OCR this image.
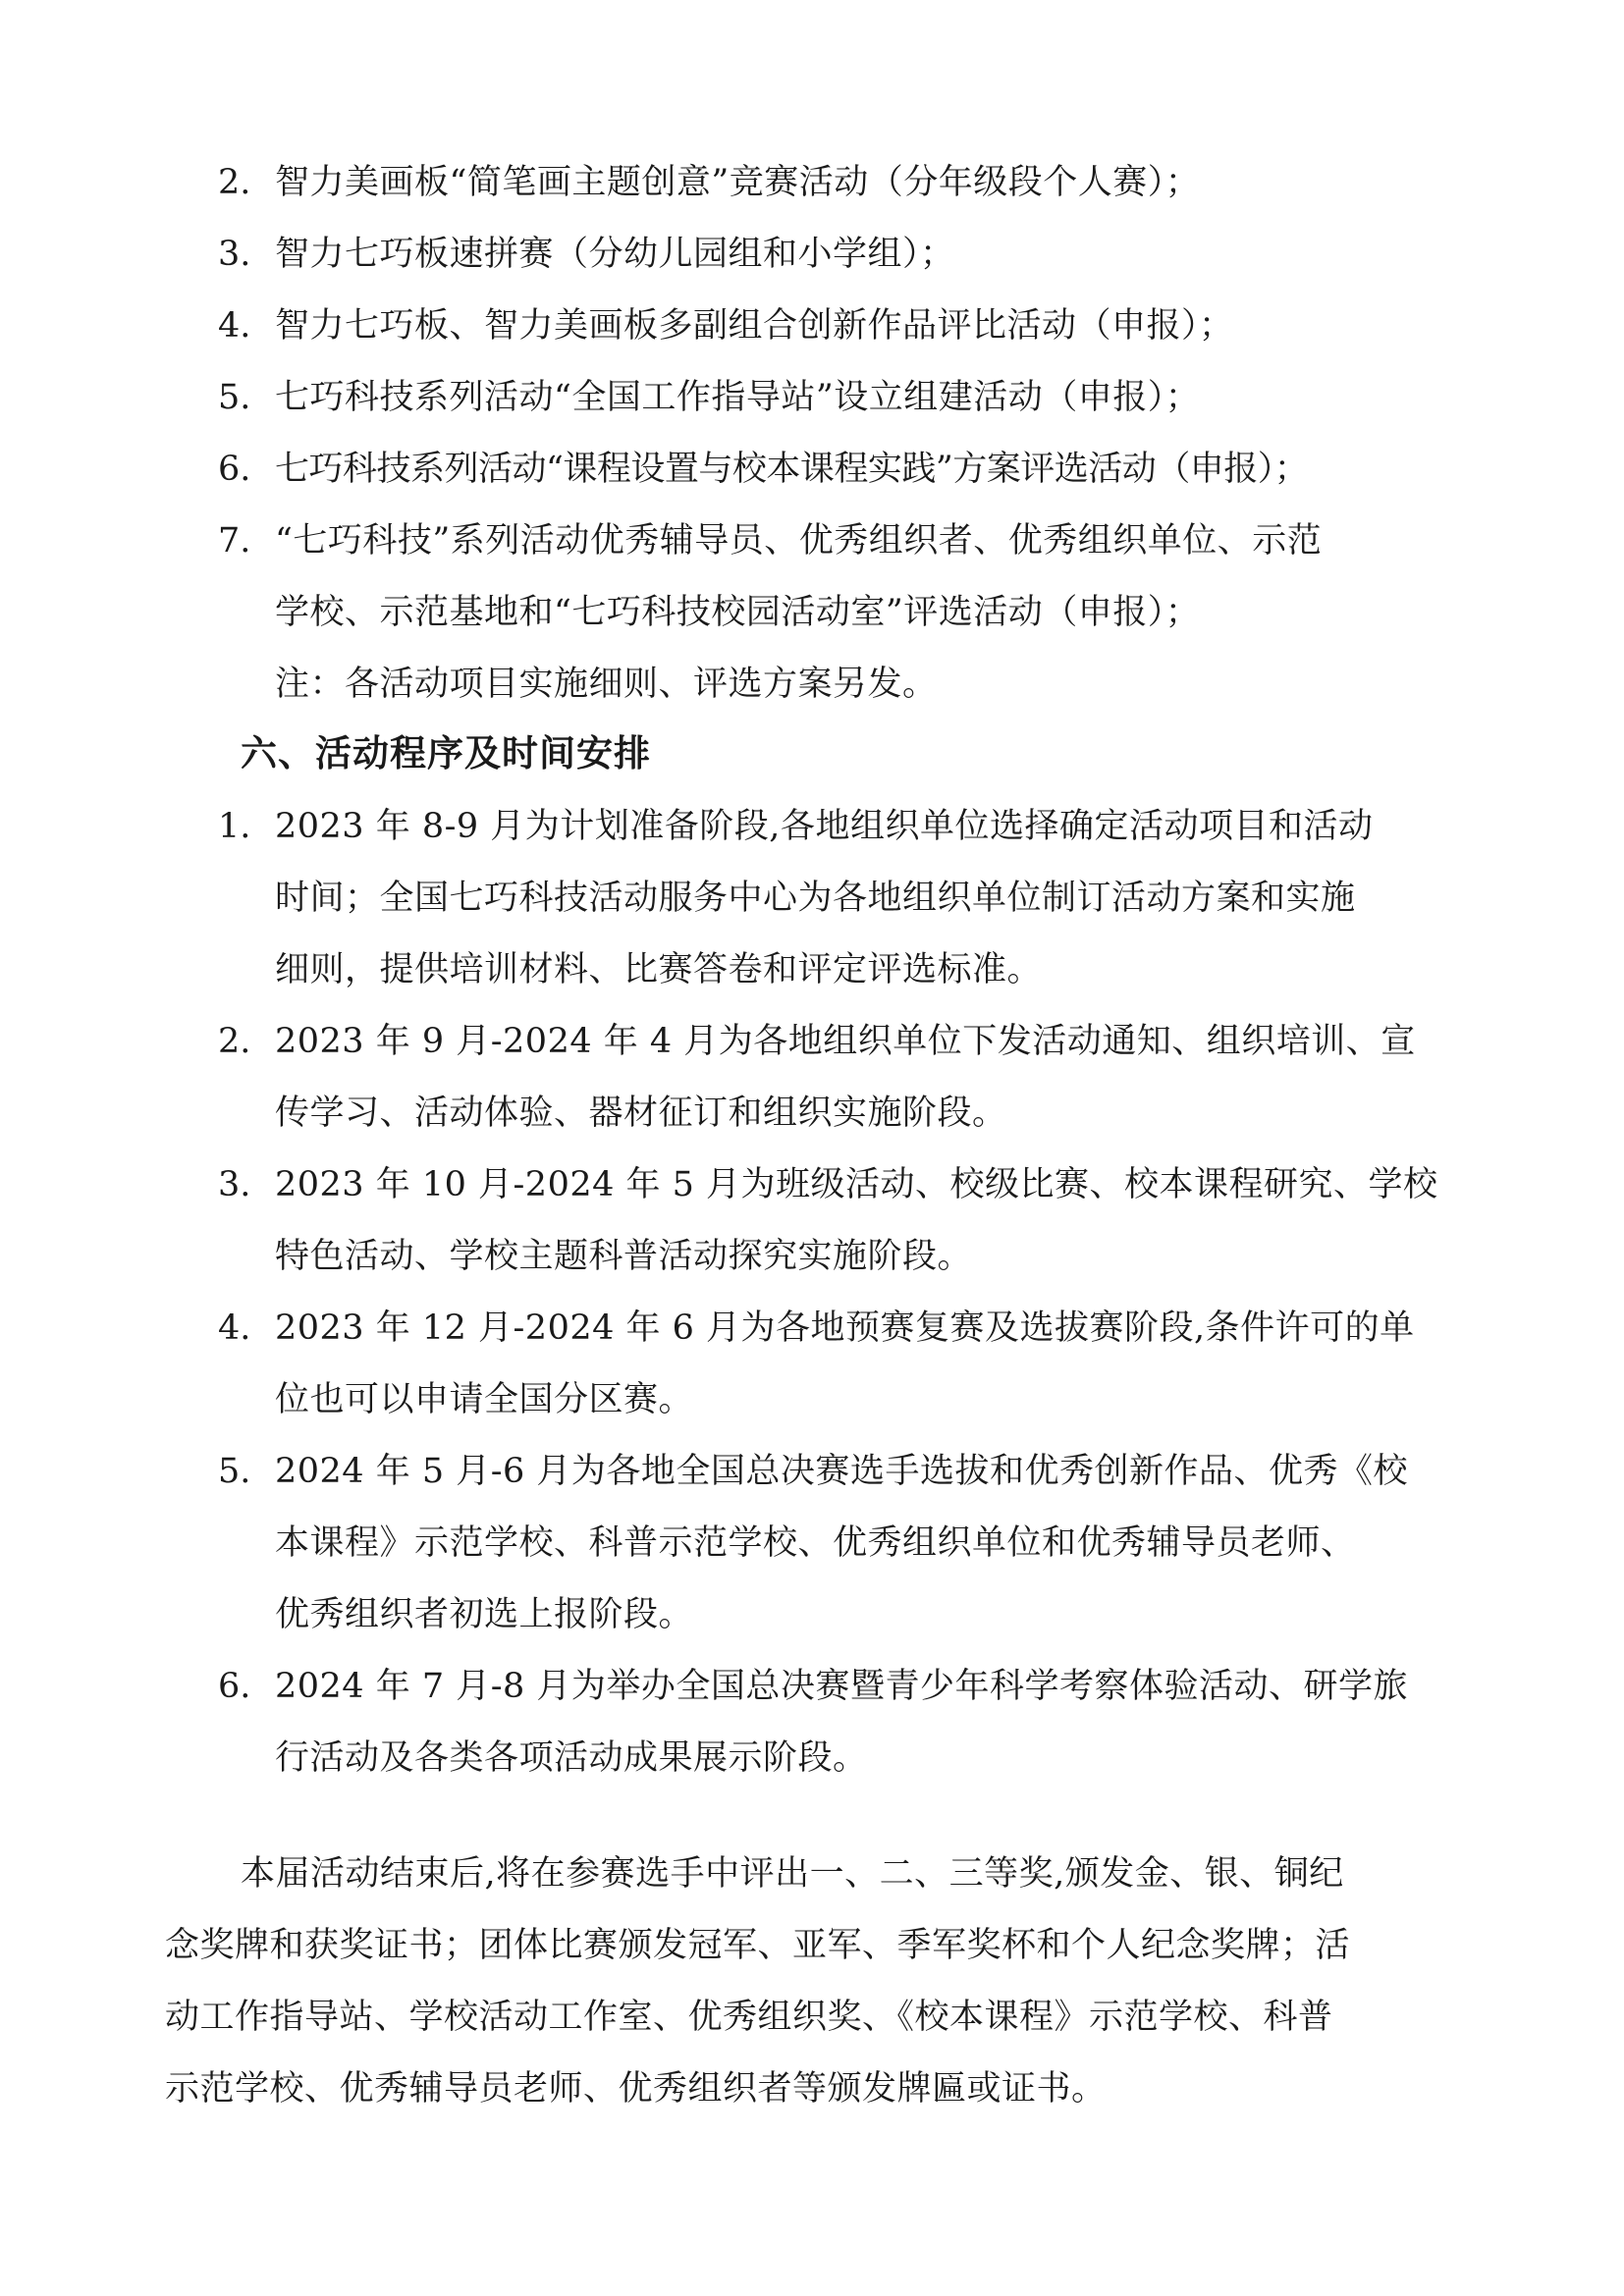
2. 智力美画板“简笔画主题创意”竞赛活动（分年级段个人赛）；
3. 智力七巧板速拼赛（分幼儿园组和小学组）；
4. 智力七巧板、智力美画板多副组合创新作品评比活动（申报）；
5. 七巧科技系列活动“全国工作指导站”设立组建活动（申报）；
6. 七巧科技系列活动“课程设置与校本课程实践”方案评选活动（申报）；
7. “七巧科技”系列活动优秀辅导员、优秀组织者、优秀组织单位、示范
学校、示范基地和“七巧科技校园活动室”评选活动（申报）；
注：各活动项目实施细则、评选方案另发。
六、活动程序及时间安排
1. 2023 年 8-9 月为计划准备阶段,各地组织单位选择确定活动项目和活动
时间；全国七巧科技活动服务中心为各地组织单位制订活动方案和实施
细则，提供培训材料、比赛答卷和评定评选标准。
2. 2023 年 9 月-2024 年 4 月为各地组织单位下发活动通知、组织培训、宣
传学习、活动体验、器材征订和组织实施阶段。
3. 2023 年 10 月-2024 年 5 月为班级活动、校级比赛、校本课程研究、学校
特色活动、学校主题科普活动探究实施阶段。
4. 2023 年 12 月-2024 年 6 月为各地预赛复赛及选拔赛阶段,条件许可的单
位也可以申请全国分区赛。
5. 2024 年 5 月-6 月为各地全国总决赛选手选拔和优秀创新作品、优秀《校
本课程》示范学校、科普示范学校、优秀组织单位和优秀辅导员老师、
优秀组织者初选上报阶段。
6. 2024 年 7 月-8 月为举办全国总决赛暨青少年科学考察体验活动、研学旅
行活动及各类各项活动成果展示阶段。
本届活动结束后,将在参赛选手中评出一、二、三等奖,颁发金、银、铜纪
念奖牌和获奖证书；团体比赛颁发冠军、亚军、季军奖杯和个人纪念奖牌；活
动工作指导站、学校活动工作室、优秀组织奖、《校本课程》示范学校、科普
示范学校、优秀辅导员老师、优秀组织者等颁发牌匾或证书。
